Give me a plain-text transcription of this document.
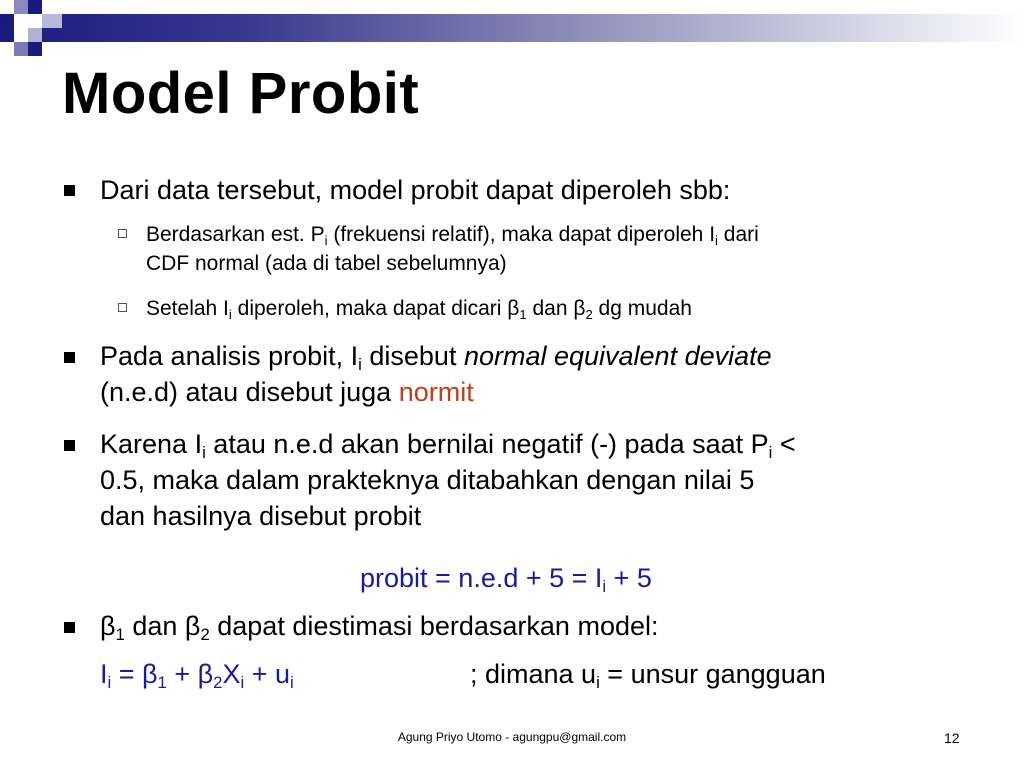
Model Probit
Dari data tersebut, model probit dapat diperoleh sbb:
Berdasarkan est. $P_i$ (frekuensi relatif), maka dapat diperoleh $I_i$ dari
CDF normal (ada di tabel sebelumnya)
Setelah $I_i$ diperoleh, maka dapat dicari $\beta_1$ dan $\beta_2$ dg mudah
Pada analisis probit, $I_i$ disebut normal equivalent deviate
(n.e.d) atau disebut juga normit
Karena $I_i$ atau n.e.d akan bernilai negatif (-) pada saat $P_i$ <
0.5, maka dalam prakteknya ditabahkan dengan nilai 5
dan hasilnya disebut probit
probit = $n.e.d + 5 = I_i + 5$
$\beta_1$ dan $\beta_2$ dapat diestimasi berdasarkan model:
$I_i = \beta_1 + \beta_2X_i + u_i$	; dimana $u_i$ = unsur gangguan
Agung Priyo Utomo - agungpu@gmail.com	12
